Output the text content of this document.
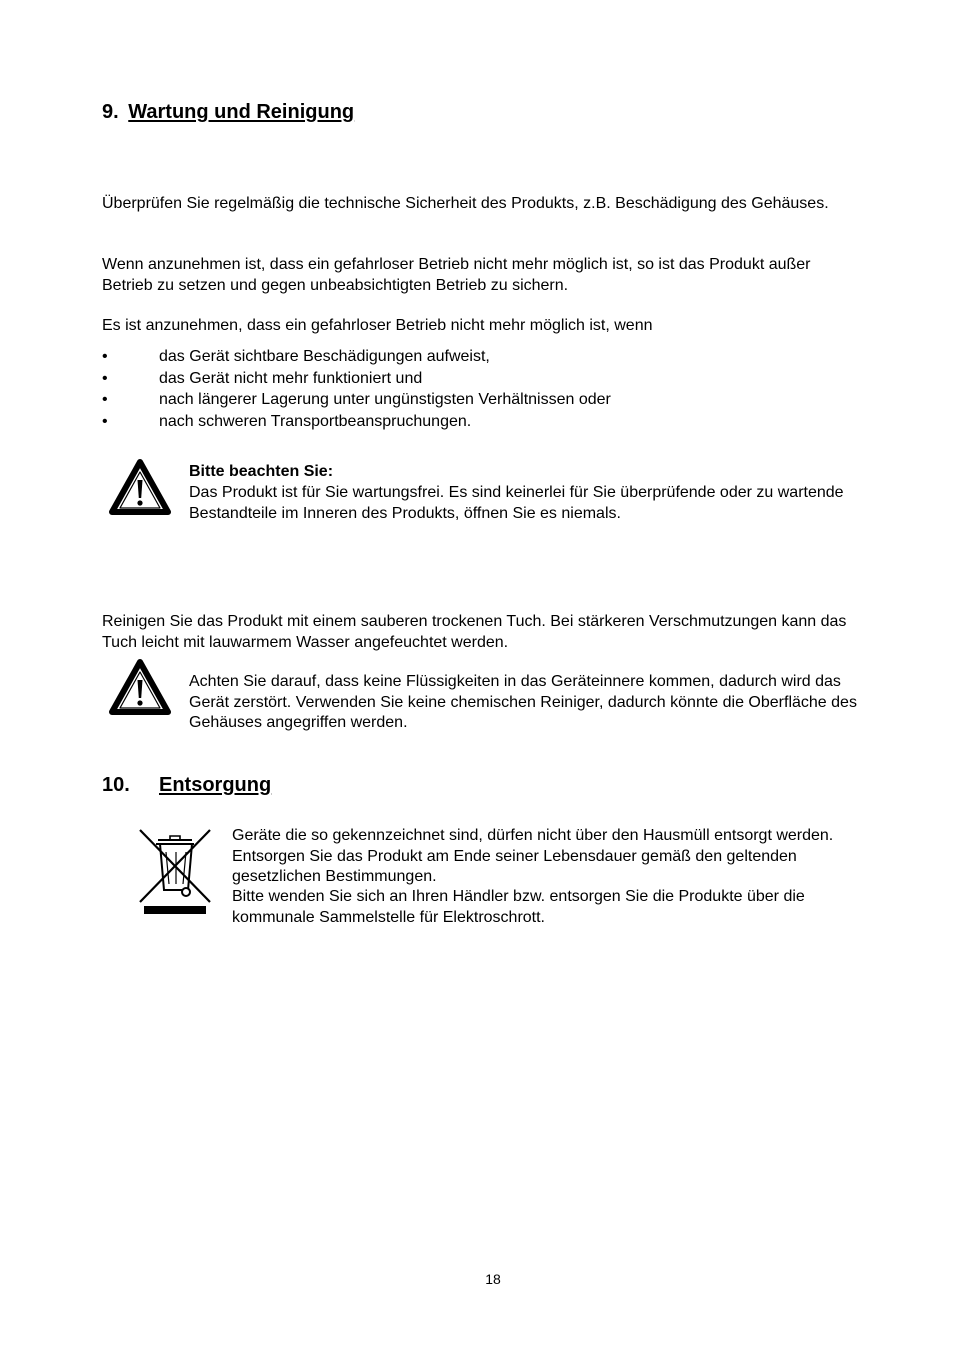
9. Wartung und Reinigung

Überprüfen Sie regelmäßig die technische Sicherheit des Produkts, z.B. Beschädigung des Gehäuses.

Wenn anzunehmen ist, dass ein gefahrloser Betrieb nicht mehr möglich ist, so ist das Produkt außer Betrieb zu setzen und gegen unbeabsichtigten Betrieb zu sichern.

Es ist anzunehmen, dass ein gefahrloser Betrieb nicht mehr möglich ist, wenn

•	das Gerät sichtbare Beschädigungen aufweist,
•	das Gerät nicht mehr funktioniert und
•	nach längerer Lagerung unter ungünstigsten Verhältnissen oder
•	nach schweren Transportbeanspruchungen.

Bitte beachten Sie:

Das Produkt ist für Sie wartungsfrei. Es sind keinerlei für Sie überprüfende oder zu wartende Bestandteile im Inneren des Produkts, öffnen Sie es niemals.

Reinigen Sie das Produkt mit einem sauberen trockenen Tuch. Bei stärkeren Verschmutzungen kann das Tuch leicht mit lauwarmem Wasser angefeuchtet werden.

Achten Sie darauf, dass keine Flüssigkeiten in das Geräteinnere kommen, dadurch wird das Gerät zerstört. Verwenden Sie keine chemischen Reiniger, dadurch könnte die Oberfläche des Gehäuses angegriffen werden.

10. Entsorgung

Geräte die so gekennzeichnet sind, dürfen nicht über den Hausmüll entsorgt werden. Entsorgen Sie das Produkt am Ende seiner Lebensdauer gemäß den geltenden gesetzlichen Bestimmungen.

Bitte wenden Sie sich an Ihren Händler bzw. entsorgen Sie die Produkte über die kommunale Sammelstelle für Elektroschrott.

18
